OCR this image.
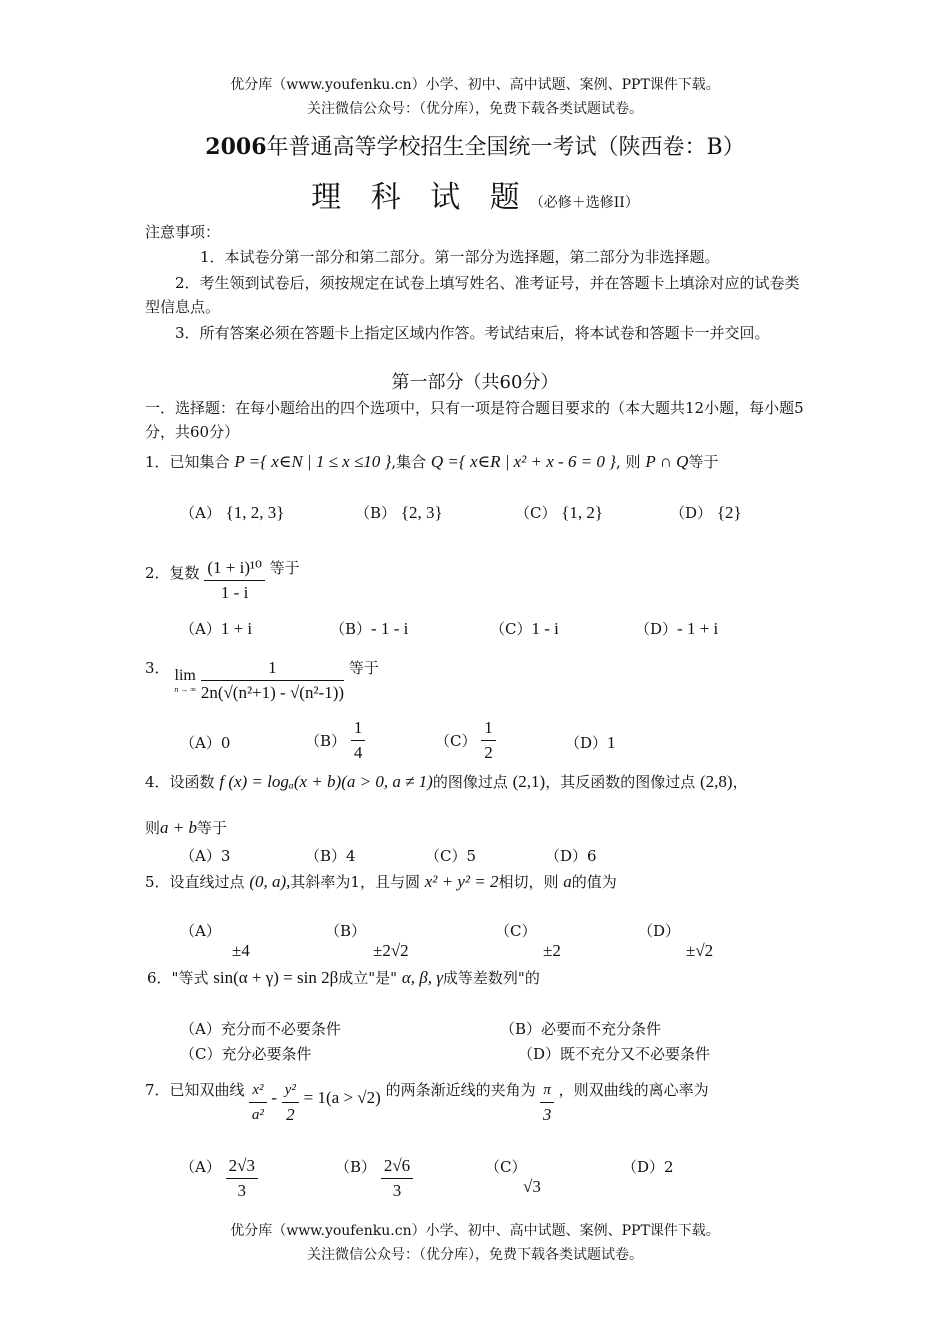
优分库（www.youfenku.cn）小学、初中、高中试题、案例、PPT课件下载。
关注微信公众号：（优分库），免费下载各类试题试卷。
2006年普通高等学校招生全国统一考试（陕西卷：B）
理 科 试 题（必修＋选修II）
注意事项：
1．本试卷分第一部分和第二部分。第一部分为选择题，第二部分为非选择题。
2．考生领到试卷后，须按规定在试卷上填写姓名、准考证号，并在答题卡上填涂对应的试卷类型信息点。
3．所有答案必须在答题卡上指定区域内作答。考试结束后，将本试卷和答题卡一并交回。
第一部分（共60分）
一．选择题：在每小题给出的四个选项中，只有一项是符合题目要求的（本大题共12小题，每小题5分，共60分）
1．已知集合 P ={ x∈N | 1 ≤ x ≤10 },集合 Q ={ x∈R | x² + x - 6 = 0 }, 则 P ∩ Q等于
（A） {1, 2, 3}	（B） {2, 3}	（C） {1, 2}	（D） {2}
2．复数 $\frac{\text{(1 + i)¹⁰}}{1 - i}$ 等于
（A）1 + i	（B）- 1 - i	（C）1 - i	（D）- 1 + i
3． lim
n → ∞
$\frac{1}{\text{2n(√(n²+1) - √(n²-1))}}$ 等于
（A）0	$(B) \frac{1}{4}$	$(C) \frac{1}{2}$	（D）1
4．设函数 f (x) = logₐ(x + b)(a > 0, a ≠ 1)的图像过点 (2,1)，其反函数的图像过点 (2,8)，
则a + b等于
（A）3	（B）4	（C）5	（D）6
5．设直线过点 (0, a),其斜率为1，且与圆 x² + y² = 2相切，则 a的值为
（A）
±4
（B）
±2√2
（C）
±2
（D）
±√2
6．"等式 sin(α + γ) = sin 2β成立"是" α, β, γ成等差数列"的
（A）充分而不必要条件	（B）必要而不充分条件
（C）充分必要条件	（D）既不充分又不必要条件
7．已知双曲线 $\frac{\text{x²}}{\text{a²}} - \frac{\text{y²}}{2} = 1(a > √2)$ 的两条渐近线的夹角为 $\frac{\pi}{3}$ ，则双曲线的离心率为
$(A) \frac{2√3}{3}$	$(B) \frac{2√6}{3}$	（C）
√3
（D）2
优分库（www.youfenku.cn）小学、初中、高中试题、案例、PPT课件下载。
关注微信公众号：（优分库），免费下载各类试题试卷。
